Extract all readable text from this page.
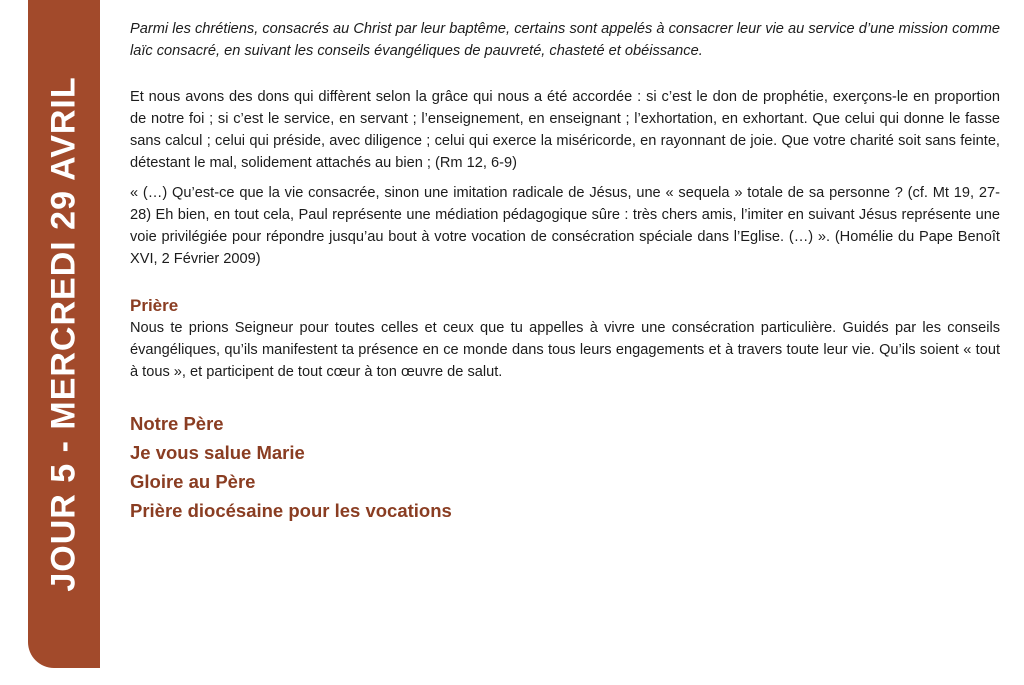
JOUR 5 - MERCREDI 29 AVRIL

Parmi les chrétiens, consacrés au Christ par leur baptême, certains sont appelés à consacrer leur vie au service d’une mission comme laïc consacré, en suivant les conseils évangéliques de pauvreté, chasteté et obéissance.

Et nous avons des dons qui diffèrent selon la grâce qui nous a été accordée : si c’est le don de prophétie, exerçons-le en proportion de notre foi ; si c’est le service, en servant ; l’enseignement, en enseignant ; l’exhortation, en exhortant. Que celui qui donne le fasse sans calcul ; celui qui préside, avec diligence ; celui qui exerce la miséricorde, en rayonnant de joie. Que votre charité soit sans feinte, détestant le mal, solidement attachés au bien ; (Rm 12, 6-9)

« (…) Qu’est-ce que la vie consacrée, sinon une imitation radicale de Jésus, une « sequela » totale de sa personne ? (cf. Mt 19, 27-28) Eh bien, en tout cela, Paul représente une médiation pédagogique sûre : très chers amis, l’imiter en suivant Jésus représente une voie privilégiée pour répondre jusqu’au bout à votre vocation de consécration spéciale dans l’Eglise. (…) ». (Homélie du Pape Benoît XVI, 2 Février 2009)

Prière

Nous te prions Seigneur pour toutes celles et ceux que tu appelles à vivre une consécration particulière. Guidés par les conseils évangéliques, qu’ils manifestent ta présence en ce monde dans tous leurs engagements et à travers toute leur vie. Qu’ils soient « tout à tous », et participent de tout cœur à ton œuvre de salut.

Notre Père
Je vous salue Marie
Gloire au Père
Prière diocésaine pour les vocations
